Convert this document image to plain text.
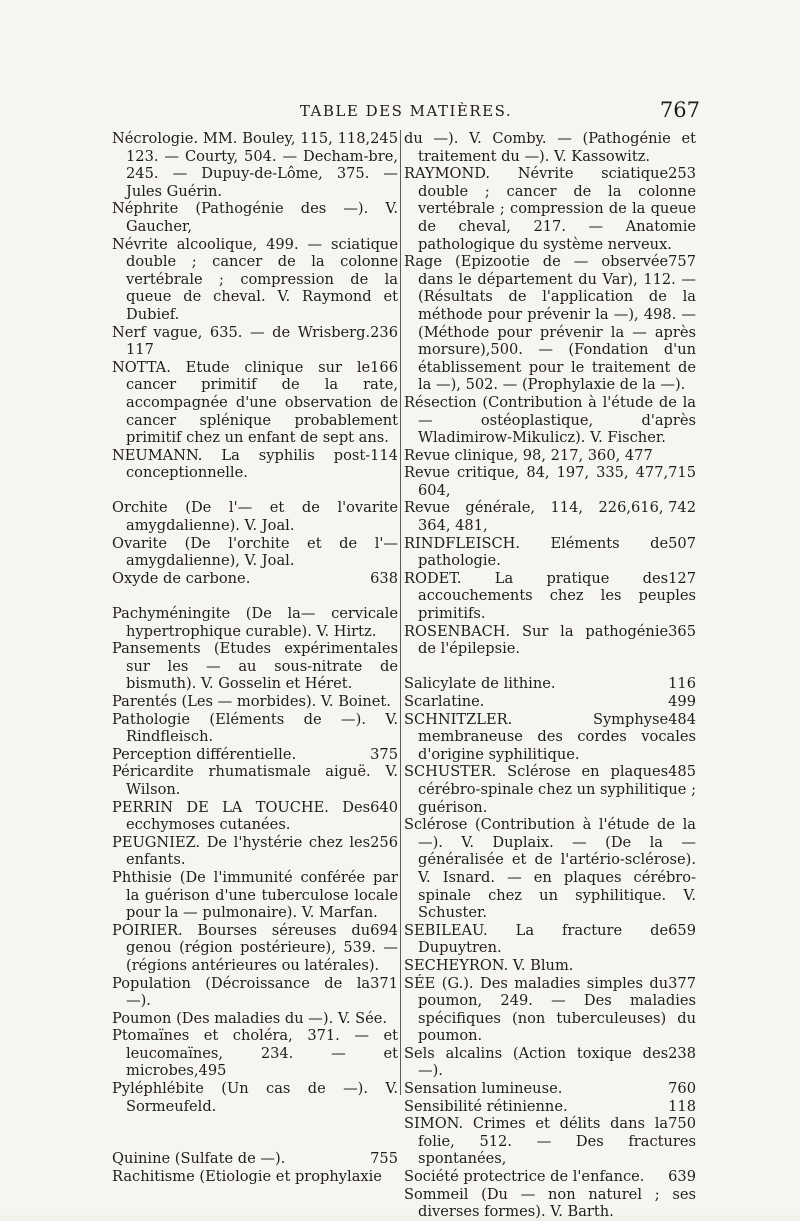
TABLE DES MATIÈRES.	767
245
Nécrologie. MM. Bouley, 115, 118, 123. — Courty, 504. — Decham-bre, 245. — Dupuy-de-Lôme, 375. — Jules Guérin.
Néphrite (Pathogénie des —). V. Gaucher,
Névrite alcoolique, 499. — sciatique double ; cancer de la colonne vertébrale ; compression de la queue de cheval. V. Raymond et Dubief.
236
Nerf vague, 635. — de Wrisberg. 117
166
NOTTA. Etude clinique sur le cancer primitif de la rate, accompagnée d'une observation de cancer splénique probablement primitif chez un enfant de sept ans.
114
NEUMANN. La syphilis post-conceptionnelle.
Orchite (De l'— et de l'ovarite amygdalienne). V. Joal.
Ovarite (De l'orchite et de l'— amygdalienne), V. Joal.
638
Oxyde de carbone.
Pachyméningite (De la— cervicale hypertrophique curable). V. Hirtz.
Pansements (Etudes expérimentales sur les — au sous-nitrate de bismuth). V. Gosselin et Héret.
Parentés (Les — morbides). V. Boinet.
Pathologie (Eléments de —). V. Rindfleisch.
375
Perception différentielle.
Péricardite rhumatismale aiguë. V. Wilson.
640
PERRIN DE LA TOUCHE. Des ecchymoses cutanées.
256
PEUGNIEZ. De l'hystérie chez les enfants.
Phthisie (De l'immunité conférée par la guérison d'une tuberculose locale pour la — pulmonaire). V. Marfan.
694
POIRIER. Bourses séreuses du genou (région postérieure), 539. — (régions antérieures ou latérales).
371
Population (Décroissance de la —).
Poumon (Des maladies du —). V. Sée.
Ptomaïnes et choléra, 371. — et leucomaïnes, 234. — et microbes,495
Pyléphlébite (Un cas de —). V. Sormeufeld.
755
Quinine (Sulfate de —).
Rachitisme (Etiologie et prophylaxie
du —). V. Comby. — (Pathogénie et traitement du —). V. Kassowitz.
253
RAYMOND. Névrite sciatique double ; cancer de la colonne vertébrale ; compression de la queue de cheval, 217. — Anatomie pathologique du système nerveux.
757
Rage (Epizootie de — observée dans le département du Var), 112. — (Résultats de l'application de la méthode pour prévenir la —), 498. — (Méthode pour prévenir la — après morsure),500. — (Fondation d'un établissement pour le traitement de la —), 502. — (Prophylaxie de la —).
Résection (Contribution à l'étude de la — ostéoplastique, d'après Wladimirow-Mikulicz). V. Fischer.
Revue clinique, 98, 217, 360, 477
715
Revue critique, 84, 197, 335, 477, 604,
616, 742
Revue générale, 114, 226, 364, 481,
507
RINDFLEISCH. Eléments de pathologie.
127
RODET. La pratique des accouchements chez les peuples primitifs.
365
ROSENBACH. Sur la pathogénie de l'épilepsie.
116
Salicylate de lithine.
499
Scarlatine.
484
SCHNITZLER. Symphyse membraneuse des cordes vocales d'origine syphilitique.
485
SCHUSTER. Sclérose en plaques cérébro-spinale chez un syphilitique ; guérison.
Sclérose (Contribution à l'étude de la —). V. Duplaix. — (De la — généralisée et de l'artério-sclérose). V. Isnard. — en plaques cérébro-spinale chez un syphilitique. V. Schuster.
659
SEBILEAU. La fracture de Dupuytren.
SECHEYRON. V. Blum.
377
SÉE (G.). Des maladies simples du poumon, 249. — Des maladies spécifiques (non tuberculeuses) du poumon.
238
Sels alcalins (Action toxique des —).
760
Sensation lumineuse.
118
Sensibilité rétinienne.
750
SIMON. Crimes et délits dans la folie, 512. — Des fractures spontanées,
639
Société protectrice de l'enfance.
Sommeil (Du — non naturel ; ses diverses formes). V. Barth.
